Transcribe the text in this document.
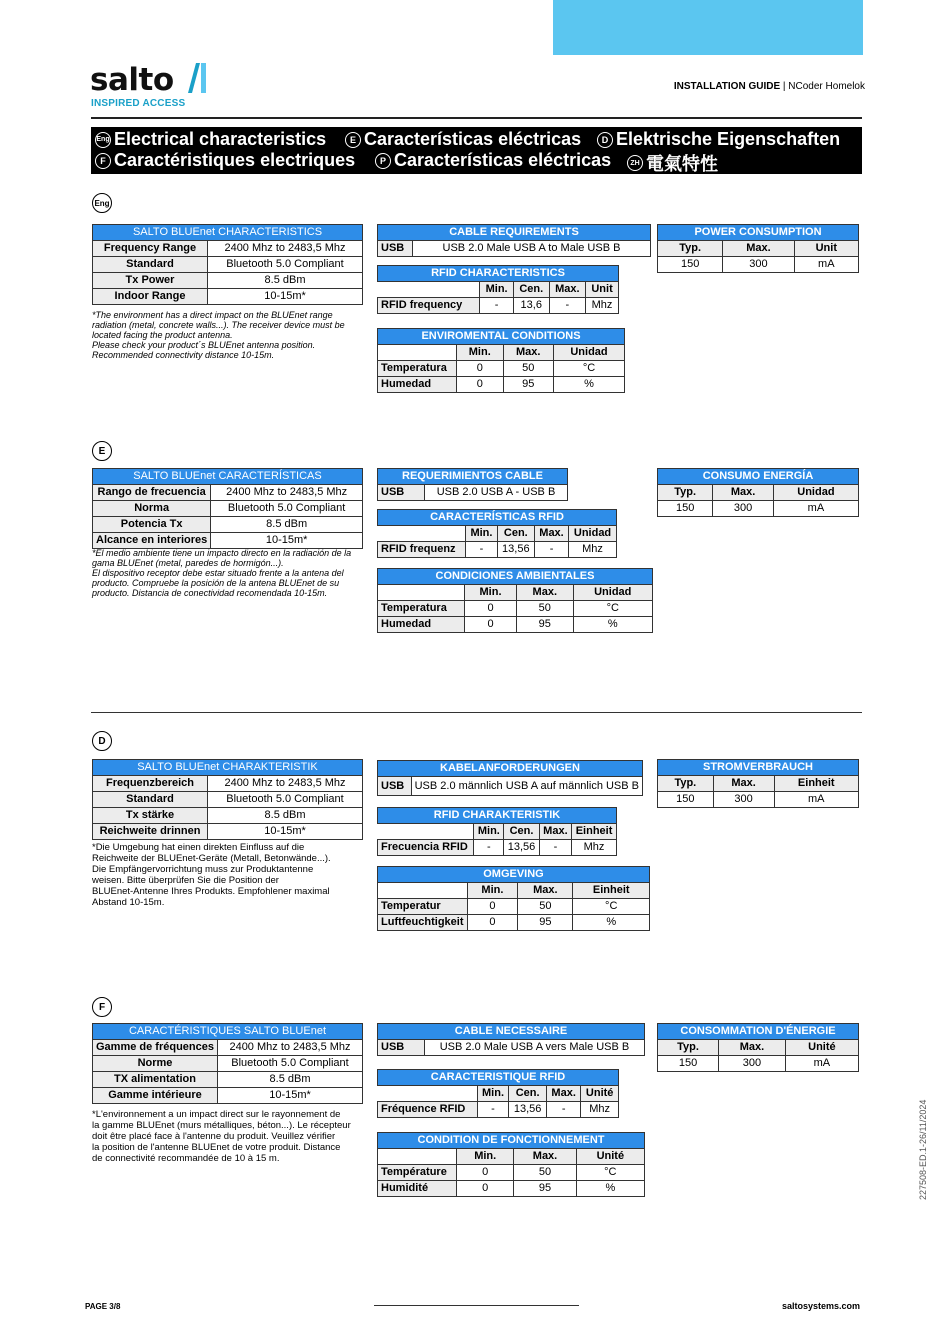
salto
INSPIRED ACCESS
INSTALLATION GUIDE | NCoder Homelok
Eng Electrical characteristics	E Características eléctricas	D Elektrische Eigenschaften
F Caractéristiques electriques	P Características eléctricas	ZH 電氣特性
Eng
SALTO BLUEnet CHARACTERISTICS	
Frequency Range	2400 Mhz to 2483,5 Mhz
Standard	Bluetooth 5.0 Compliant
Tx Power	8.5 dBm
Indoor Range	10-15m*
*The environment has a direct impact on the BLUEnet range
radiation (metal, concrete walls...). The receiver device must be
located facing the product antenna.
Please check your product´s BLUEnet antenna position.
Recommended connectivity distance 10-15m.
CABLE REQUIREMENTS
USB	USB 2.0 Male USB A to Male USB B
RFID CHARACTERISTICS				
	Min.	Cen.	Max.	Unit
RFID frequency	-	13,6	-	Mhz
ENVIROMENTAL CONDITIONS			
	Min.	Max.	Unidad
Temperatura	0	50	°C
Humedad	0	95	%
POWER CONSUMPTION		
Typ.	Max.	Unit
150	300	mA
E
SALTO BLUEnet CARACTERÍSTICAS	
Rango de frecuencia	2400 Mhz to 2483,5 Mhz
Norma	Bluetooth 5.0 Compliant
Potencia Tx	8.5 dBm
Alcance en interiores	10-15m*
*El medio ambiente tiene un impacto directo en la radiación de la
gama BLUEnet (metal, paredes de hormigón...).
El dispositivo receptor debe estar situado frente a la antena del
producto. Compruebe la posición de la antena BLUEnet de su
producto. Distancia de conectividad recomendada 10-15m.
REQUERIMIENTOS CABLE
USB	USB 2.0 USB A - USB B
CARACTERÍSTICAS RFID				
	Min.	Cen.	Max.	Unidad
RFID frequenz	-	13,56	-	Mhz
CONDICIONES AMBIENTALES			
	Min.	Max.	Unidad
Temperatura	0	50	°C
Humedad	0	95	%
CONSUMO ENERGÍA		
Typ.	Max.	Unidad
150	300	mA
D
SALTO BLUEnet CHARAKTERISTIK	
Frequenzbereich	2400 Mhz to 2483,5 Mhz
Standard	Bluetooth 5.0 Compliant
Tx stärke	8.5 dBm
Reichweite drinnen	10-15m*
*Die Umgebung hat einen direkten Einfluss auf die
Reichweite der BLUEnet-Geräte (Metall, Betonwände...).
Die Empfängervorrichtung muss zur Produktantenne
weisen. Bitte überprüfen Sie die Position der
BLUEnet-Antenne Ihres Produkts. Empfohlener maximal
Abstand 10-15m.
KABELANFORDERUNGEN
USB	USB 2.0 männlich USB A auf männlich USB B
RFID CHARAKTERISTIK				
	Min.	Cen.	Max.	Einheit
Frecuencia RFID	-	13,56	-	Mhz
OMGEVING			
	Min.	Max.	Einheit
Temperatur	0	50	°C
Luftfeuchtigkeit	0	95	%
STROMVERBRAUCH		
Typ.	Max.	Einheit
150	300	mA
F
CARACTÉRISTIQUES SALTO BLUEnet	
Gamme de fréquences	2400 Mhz to 2483,5 Mhz
Norme	Bluetooth 5.0 Compliant
TX alimentation	8.5 dBm
Gamme intérieure	10-15m*
*L'environnement a un impact direct sur le rayonnement de
la gamme BLUEnet (murs métalliques, béton...). Le récepteur
doit être placé face à l'antenne du produit. Veuillez vérifier
la position de l'antenne BLUEnet de votre produit. Distance
de connectivité recommandée de 10 à 15 m.
CABLE NECESSAIRE
USB	USB 2.0 Male USB A vers Male USB B
CARACTERISTIQUE RFID				
	Min.	Cen.	Max.	Unité
Fréquence RFID	-	13,56	-	Mhz
CONDITION DE FONCTIONNEMENT			
	Min.	Max.	Unité
Température	0	50	°C
Humidité	0	95	%
CONSOMMATION D'ÉNERGIE		
Typ.	Max.	Unité
150	300	mA
227508-ED.1-26/11/2024
PAGE 3/8	saltosystems.com
